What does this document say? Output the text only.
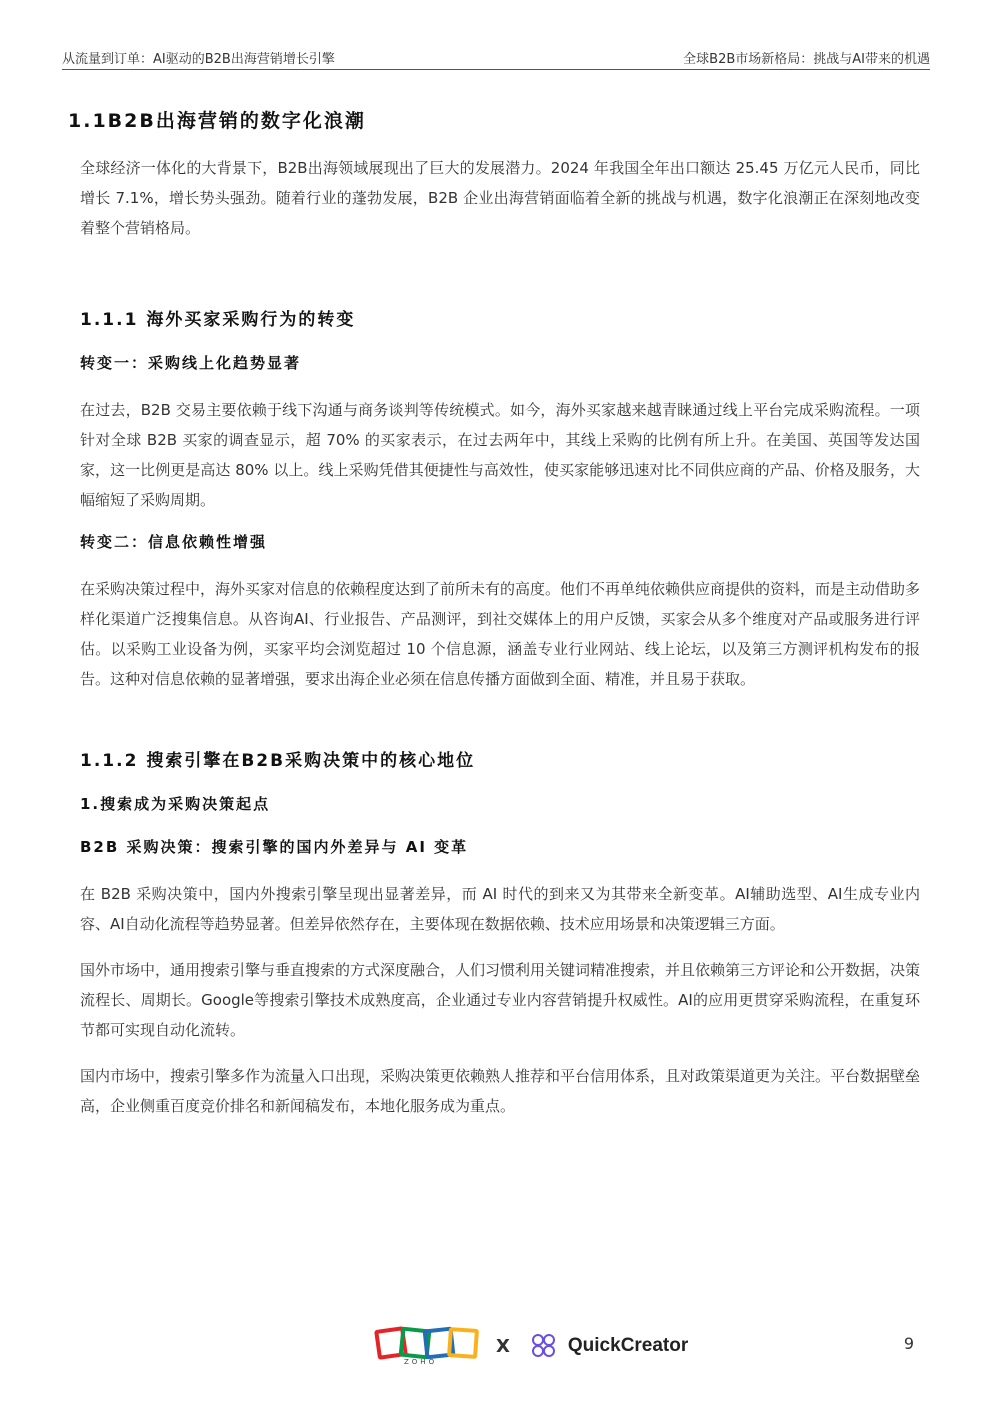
从流量到订单：AI驱动的B2B出海营销增长引擎	全球B2B市场新格局：挑战与AI带来的机遇
1.1B2B出海营销的数字化浪潮

全球经济一体化的大背景下，B2B出海领域展现出了巨大的发展潜力。2024 年我国全年出口额达 25.45 万亿元人民币，同比增长 7.1%，增长势头强劲。随着行业的蓬勃发展，B2B 企业出海营销面临着全新的挑战与机遇，数字化浪潮正在深刻地改变着整个营销格局。

1.1.1 海外买家采购行为的转变
转变一：采购线上化趋势显著

在过去，B2B 交易主要依赖于线下沟通与商务谈判等传统模式。如今，海外买家越来越青睐通过线上平台完成采购流程。一项针对全球 B2B 买家的调查显示，超 70% 的买家表示，在过去两年中，其线上采购的比例有所上升。在美国、英国等发达国家，这一比例更是高达 80% 以上。线上采购凭借其便捷性与高效性，使买家能够迅速对比不同供应商的产品、价格及服务，大幅缩短了采购周期。

转变二：信息依赖性增强

在采购决策过程中，海外买家对信息的依赖程度达到了前所未有的高度。他们不再单纯依赖供应商提供的资料，而是主动借助多样化渠道广泛搜集信息。从咨询AI、行业报告、产品测评，到社交媒体上的用户反馈，买家会从多个维度对产品或服务进行评估。以采购工业设备为例，买家平均会浏览超过 10 个信息源，涵盖专业行业网站、线上论坛，以及第三方测评机构发布的报告。这种对信息依赖的显著增强，要求出海企业必须在信息传播方面做到全面、精准，并且易于获取。

1.1.2 搜索引擎在B2B采购决策中的核心地位
1.搜索成为采购决策起点
B2B 采购决策：搜索引擎的国内外差异与 AI 变革

在 B2B 采购决策中，国内外搜索引擎呈现出显著差异，而 AI 时代的到来又为其带来全新变革。AI辅助选型、AI生成专业内容、AI自动化流程等趋势显著。但差异依然存在，主要体现在数据依赖、技术应用场景和决策逻辑三方面。

国外市场中，通用搜索引擎与垂直搜索的方式深度融合，人们习惯利用关键词精准搜索，并且依赖第三方评论和公开数据，决策流程长、周期长。Google等搜索引擎技术成熟度高，企业通过专业内容营销提升权威性。AI的应用更贯穿采购流程，在重复环节都可实现自动化流转。

国内市场中，搜索引擎多作为流量入口出现，采购决策更依赖熟人推荐和平台信用体系，且对政策渠道更为关注。平台数据壁垒高，企业侧重百度竞价排名和新闻稿发布，本地化服务成为重点。

ZOHO
X	QuickCreator	9
